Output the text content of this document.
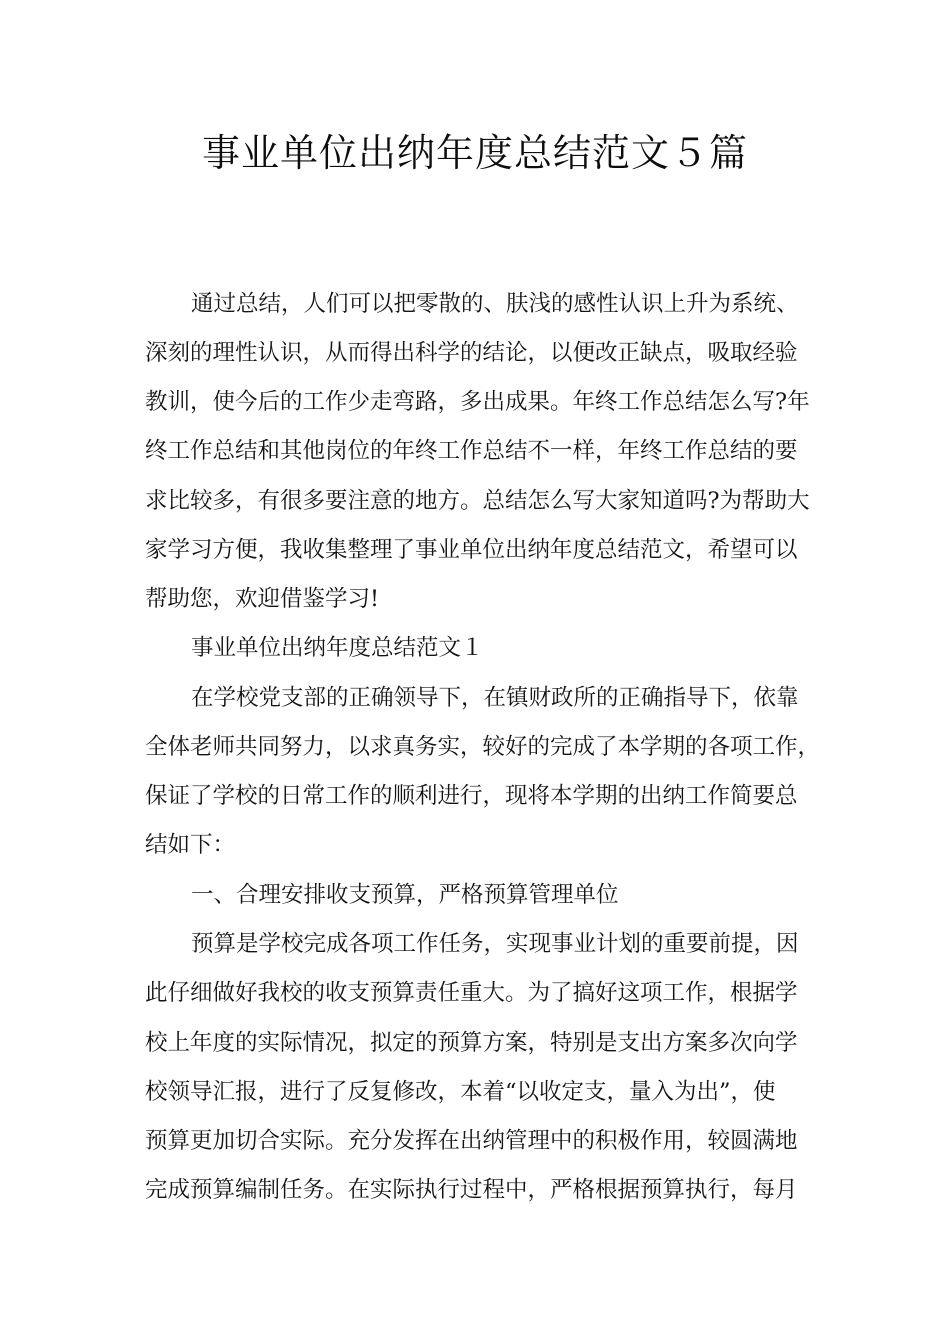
事业单位出纳年度总结范文５篇

通过总结，人们可以把零散的、肤浅的感性认识上升为系统、

深刻的理性认识，从而得出科学的结论，以便改正缺点，吸取经验

教训，使今后的工作少走弯路，多出成果。年终工作总结怎么写?年

终工作总结和其他岗位的年终工作总结不一样，年终工作总结的要

求比较多，有很多要注意的地方。总结怎么写大家知道吗?为帮助大

家学习方便，我收集整理了事业单位出纳年度总结范文，希望可以

帮助您，欢迎借鉴学习!

事业单位出纳年度总结范文１

在学校党支部的正确领导下，在镇财政所的正确指导下，依靠

全体老师共同努力，以求真务实，较好的完成了本学期的各项工作，

保证了学校的日常工作的顺利进行，现将本学期的出纳工作简要总

结如下：

一、合理安排收支预算，严格预算管理单位

预算是学校完成各项工作任务，实现事业计划的重要前提，因

此仔细做好我校的收支预算责任重大。为了搞好这项工作，根据学

校上年度的实际情况，拟定的预算方案，特别是支出方案多次向学

校领导汇报，进行了反复修改，本着“以收定支，量入为出”，使

预算更加切合实际。充分发挥在出纳管理中的积极作用，较圆满地

完成预算编制任务。在实际执行过程中，严格根据预算执行，每月
